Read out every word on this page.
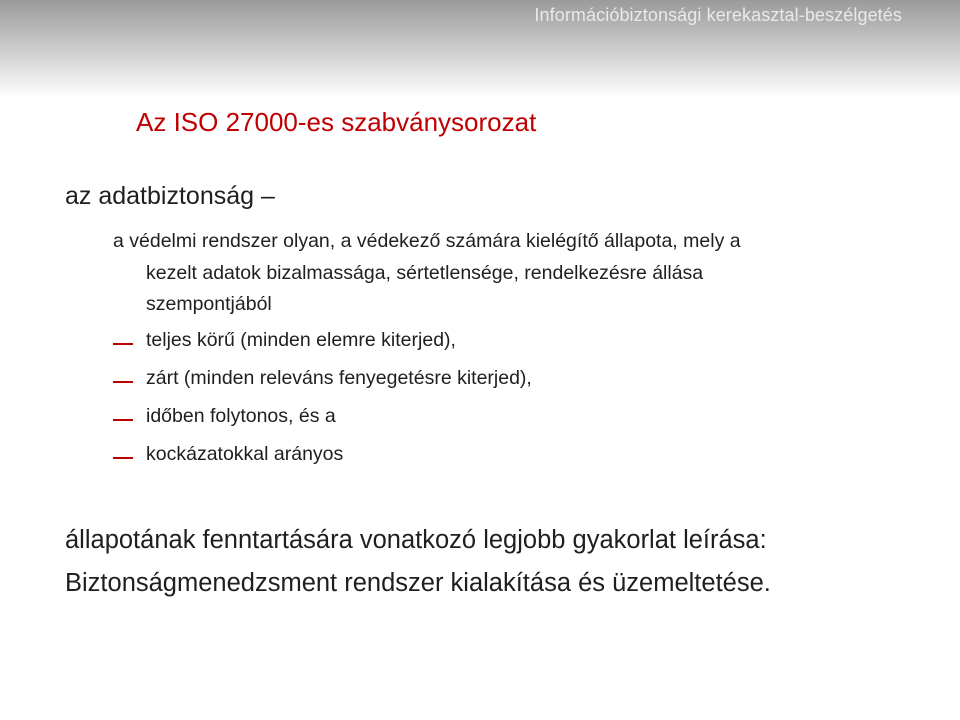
Információbiztonsági kerekasztal-beszélgetés
Az ISO 27000-es szabványsorozat
az adatbiztonság –
a védelmi rendszer olyan, a védekező számára kielégítő állapota, mely a
kezelt adatok bizalmassága, sértetlensége, rendelkezésre állása
szempontjából
teljes körű (minden elemre kiterjed),
zárt (minden releváns fenyegetésre kiterjed),
időben folytonos, és a
kockázatokkal arányos
állapotának fenntartására vonatkozó legjobb gyakorlat leírása:
Biztonságmenedzsment rendszer kialakítása és üzemeltetése.
